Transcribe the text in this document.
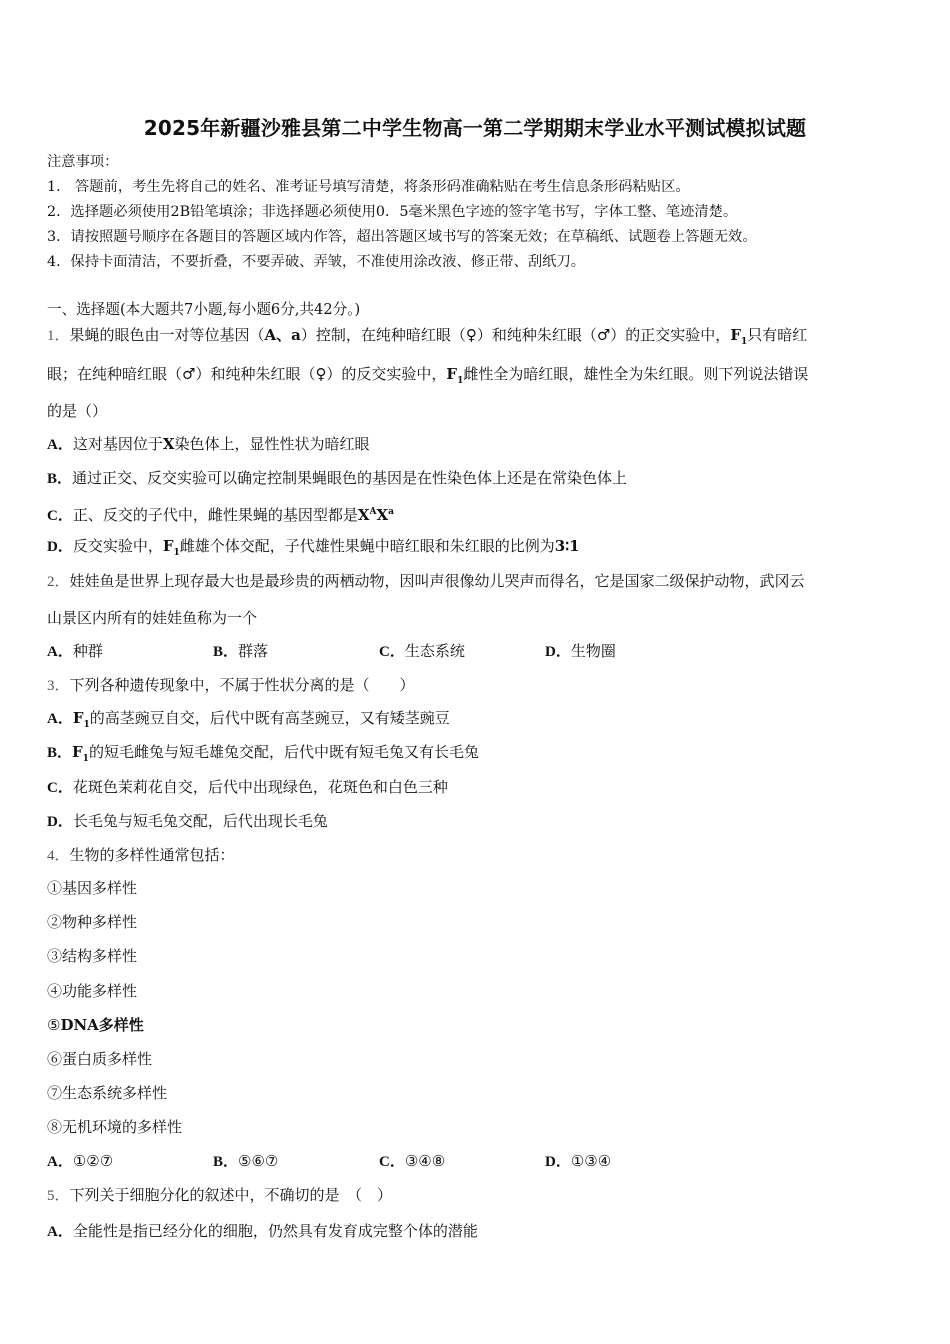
2025年新疆沙雅县第二中学生物高一第二学期期末学业水平测试模拟试题
注意事项：
1． 答题前，考生先将自己的姓名、准考证号填写清楚，将条形码准确粘贴在考生信息条形码粘贴区。
2．选择题必须使用2B铅笔填涂；非选择题必须使用0．5毫米黑色字迹的签字笔书写，字体工整、笔迹清楚。
3．请按照题号顺序在各题目的答题区域内作答，超出答题区域书写的答案无效；在草稿纸、试题卷上答题无效。
4．保持卡面清洁，不要折叠，不要弄破、弄皱，不准使用涂改液、修正带、刮纸刀。
一、选择题(本大题共7小题,每小题6分,共42分。)
1．果蝇的眼色由一对等位基因（A、a）控制，在纯种暗红眼（♀）和纯种朱红眼（♂）的正交实验中，$F_1$只有暗红
眼；在纯种暗红眼（♂）和纯种朱红眼（♀）的反交实验中，$F_1$雌性全为暗红眼，雄性全为朱红眼。则下列说法错误
的是（）
A．这对基因位于X染色体上，显性性状为暗红眼
B．通过正交、反交实验可以确定控制果蝇眼色的基因是在性染色体上还是在常染色体上
C．正、反交的子代中，雌性果蝇的基因型都是$X^AX^a$
D．反交实验中，$F_1$雌雄个体交配，子代雄性果蝇中暗红眼和朱红眼的比例为3∶1
2．娃娃鱼是世界上现存最大也是最珍贵的两栖动物，因叫声很像幼儿哭声而得名，它是国家二级保护动物，武冈云
山景区内所有的娃娃鱼称为一个
A．种群	B．群落	C．生态系统	D．生物圈
3．下列各种遗传现象中，不属于性状分离的是（　　）
A．$F_1$的高茎豌豆自交，后代中既有高茎豌豆，又有矮茎豌豆
B．$F_1$的短毛雌兔与短毛雄兔交配，后代中既有短毛兔又有长毛兔
C．花斑色茉莉花自交，后代中出现绿色，花斑色和白色三种
D．长毛兔与短毛兔交配，后代出现长毛兔
4．生物的多样性通常包括：
①基因多样性
②物种多样性
③结构多样性
④功能多样性
⑤DNA多样性
⑥蛋白质多样性
⑦生态系统多样性
⑧无机环境的多样性
A．①②⑦	B．⑤⑥⑦	C．③④⑧	D．①③④
5．下列关于细胞分化的叙述中，不确切的是　（　）
A．全能性是指已经分化的细胞，仍然具有发育成完整个体的潜能
